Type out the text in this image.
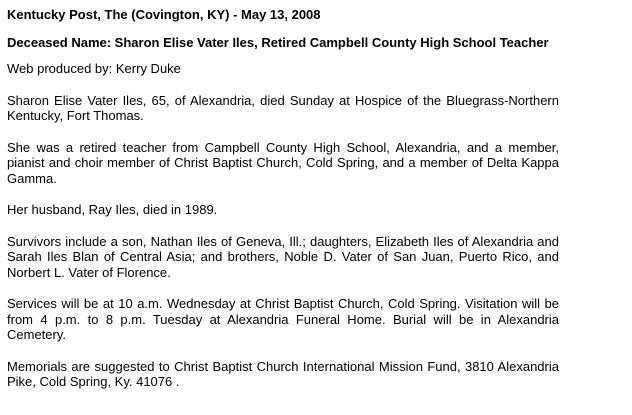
Kentucky Post, The (Covington, KY) - May 13, 2008
Deceased Name: Sharon Elise Vater Iles, Retired Campbell County High School Teacher
Web produced by: Kerry Duke

Sharon Elise Vater Iles, 65, of Alexandria, died Sunday at Hospice of the Bluegrass-Northern Kentucky, Fort Thomas.

She was a retired teacher from Campbell County High School, Alexandria, and a member, pianist and choir member of Christ Baptist Church, Cold Spring, and a member of Delta Kappa Gamma.

Her husband, Ray Iles, died in 1989.

Survivors include a son, Nathan Iles of Geneva, Ill.; daughters, Elizabeth Iles of Alexandria and Sarah Iles Blan of Central Asia; and brothers, Noble D. Vater of San Juan, Puerto Rico, and Norbert L. Vater of Florence.

Services will be at 10 a.m. Wednesday at Christ Baptist Church, Cold Spring. Visitation will be from 4 p.m. to 8 p.m. Tuesday at Alexandria Funeral Home. Burial will be in Alexandria Cemetery.

Memorials are suggested to Christ Baptist Church International Mission Fund, 3810 Alexandria Pike, Cold Spring, Ky. 41076 .
